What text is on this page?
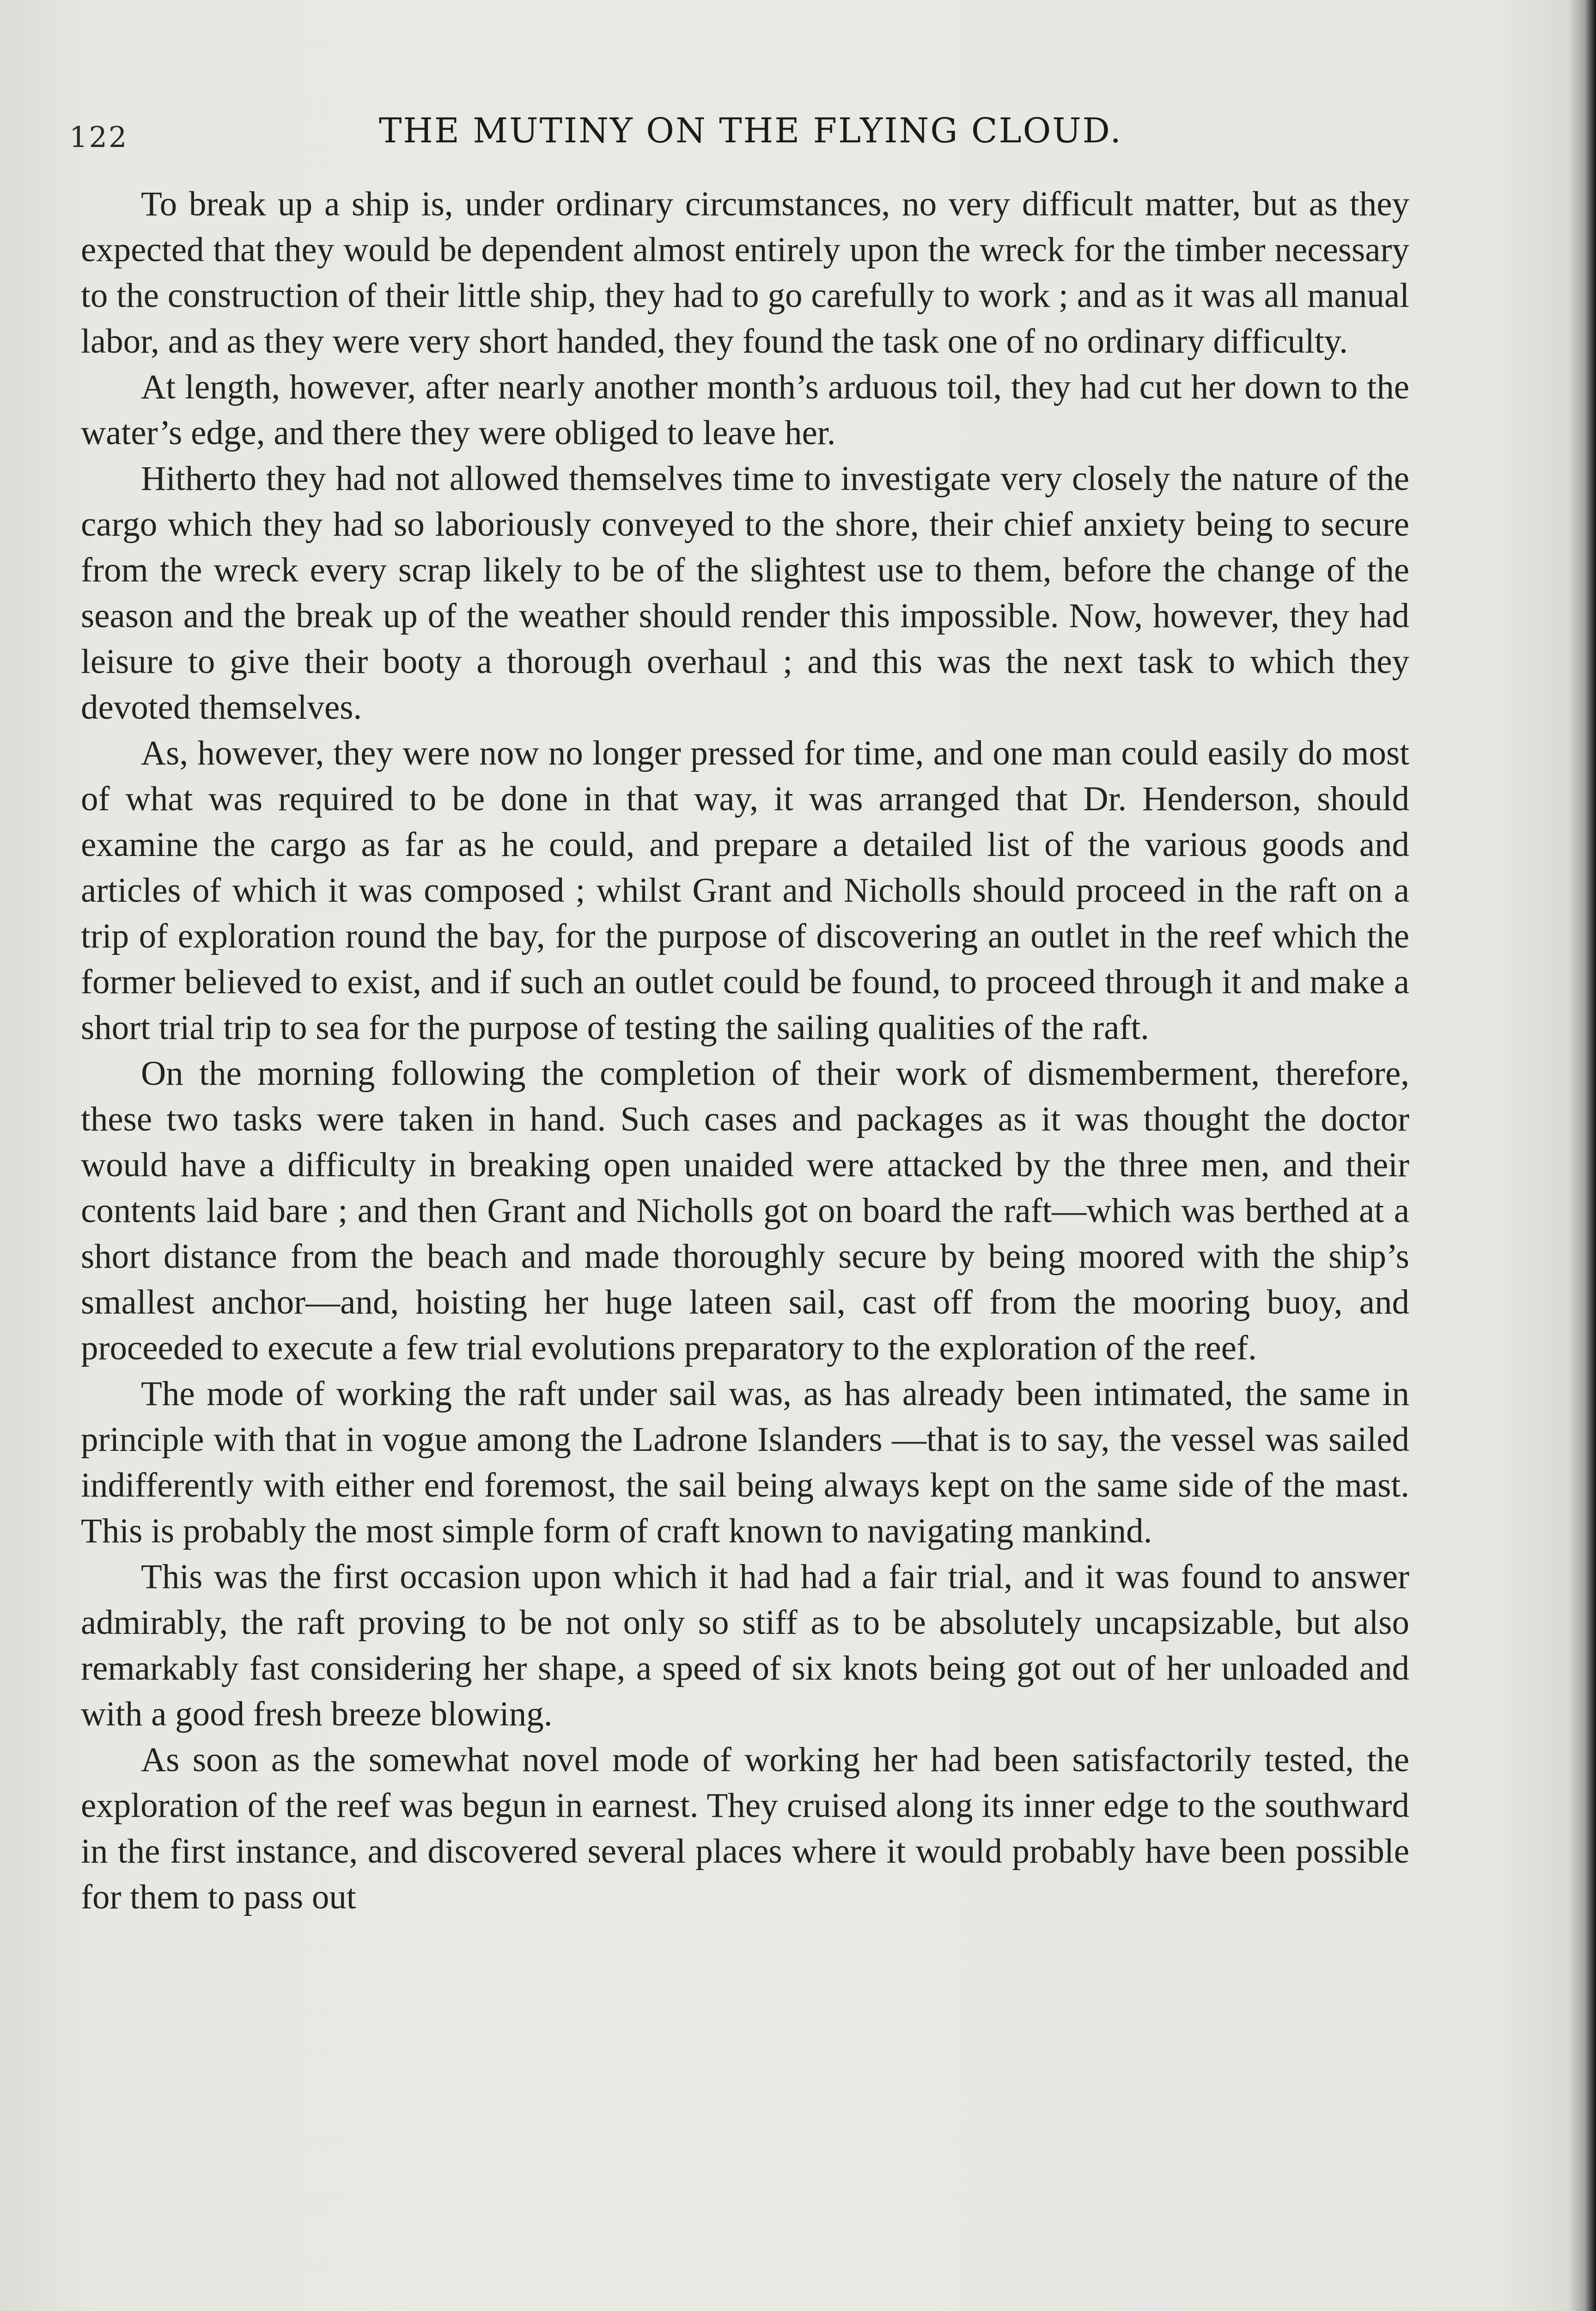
122	THE MUTINY ON THE FLYING CLOUD.

To break up a ship is, under ordinary circumstances, no very difficult matter, but as they expected that they would be dependent almost entirely upon the wreck for the timber necessary to the construction of their little ship, they had to go carefully to work ; and as it was all manual labor, and as they were very short handed, they found the task one of no ordinary difficulty.

At length, however, after nearly another month’s arduous toil, they had cut her down to the water’s edge, and there they were obliged to leave her.

Hitherto they had not allowed themselves time to investigate very closely the nature of the cargo which they had so laboriously conveyed to the shore, their chief anxiety being to secure from the wreck every scrap likely to be of the slightest use to them, before the change of the season and the break up of the weather should render this impossible. Now, however, they had leisure to give their booty a thorough overhaul ; and this was the next task to which they devoted themselves.

As, however, they were now no longer pressed for time, and one man could easily do most of what was required to be done in that way, it was arranged that Dr. Henderson, should examine the cargo as far as he could, and prepare a detailed list of the various goods and articles of which it was composed ; whilst Grant and Nicholls should proceed in the raft on a trip of exploration round the bay, for the purpose of discovering an outlet in the reef which the former believed to exist, and if such an outlet could be found, to proceed through it and make a short trial trip to sea for the purpose of testing the sailing qualities of the raft.

On the morning following the completion of their work of dismemberment, therefore, these two tasks were taken in hand. Such cases and packages as it was thought the doctor would have a difficulty in breaking open unaided were attacked by the three men, and their contents laid bare ; and then Grant and Nicholls got on board the raft—which was berthed at a short distance from the beach and made thoroughly secure by being moored with the ship’s smallest anchor—and, hoisting her huge lateen sail, cast off from the mooring buoy, and proceeded to execute a few trial evolutions preparatory to the exploration of the reef.

The mode of working the raft under sail was, as has already been intimated, the same in principle with that in vogue among the Ladrone Islanders —that is to say, the vessel was sailed indifferently with either end foremost, the sail being always kept on the same side of the mast. This is probably the most simple form of craft known to navigating mankind.

This was the first occasion upon which it had had a fair trial, and it was found to answer admirably, the raft proving to be not only so stiff as to be absolutely uncapsizable, but also remarkably fast considering her shape, a speed of six knots being got out of her unloaded and with a good fresh breeze blowing.

As soon as the somewhat novel mode of working her had been satisfactorily tested, the exploration of the reef was begun in earnest. They cruised along its inner edge to the southward in the first instance, and discovered several places where it would probably have been possible for them to pass out
